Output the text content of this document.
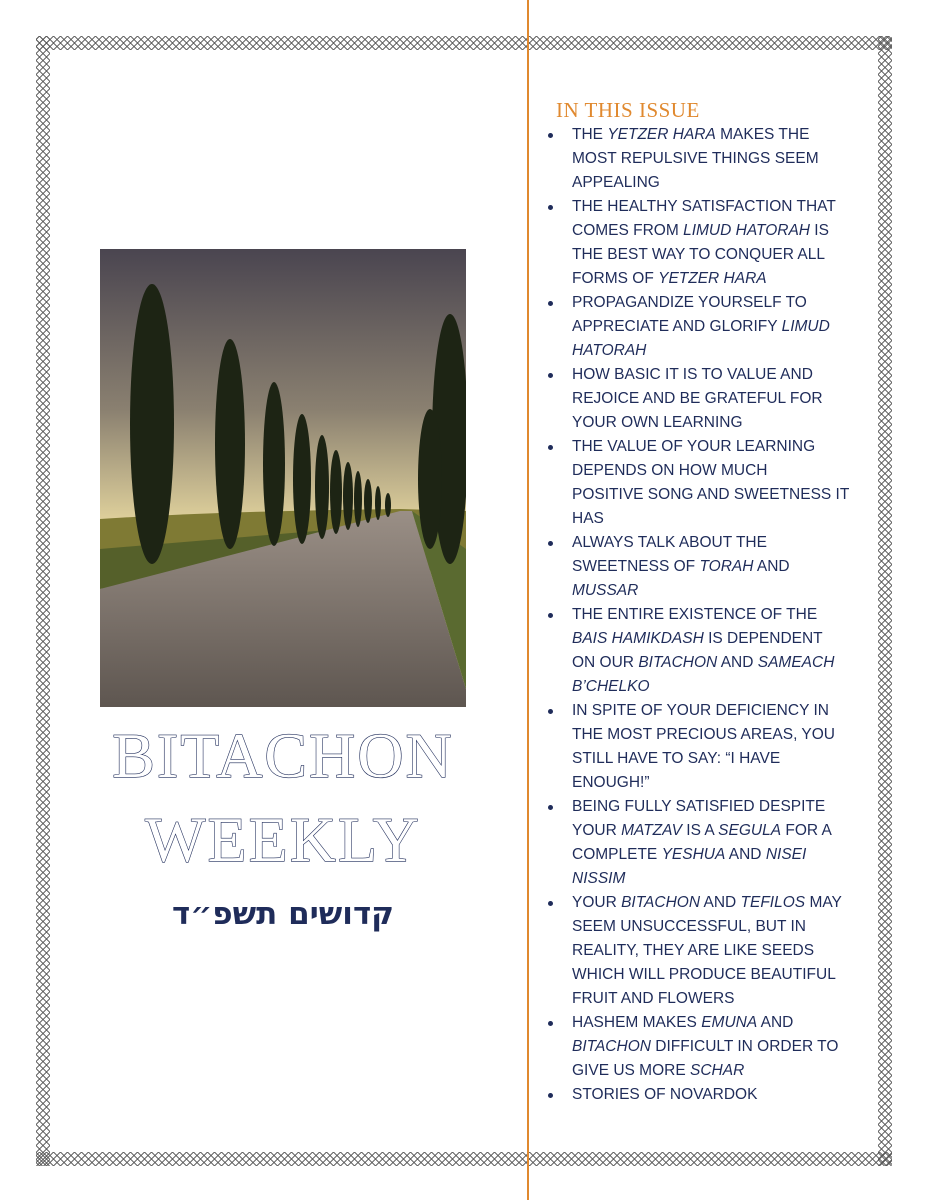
BITACHON
WEEKLY
קדושים תשפ״ד
IN THIS ISSUE
THE YETZER HARA MAKES THE
MOST REPULSIVE THINGS SEEM
APPEALING
THE HEALTHY SATISFACTION THAT
COMES FROM LIMUD HATORAH IS
THE BEST WAY TO CONQUER ALL
FORMS OF YETZER HARA
PROPAGANDIZE YOURSELF TO
APPRECIATE AND GLORIFY LIMUD
HATORAH
HOW BASIC IT IS TO VALUE AND
REJOICE AND BE GRATEFUL FOR
YOUR OWN LEARNING
THE VALUE OF YOUR LEARNING
DEPENDS ON HOW MUCH
POSITIVE SONG AND SWEETNESS IT
HAS
ALWAYS TALK ABOUT THE
SWEETNESS OF TORAH AND
MUSSAR
THE ENTIRE EXISTENCE OF THE
BAIS HAMIKDASH IS DEPENDENT
ON OUR BITACHON AND SAMEACH
B’CHELKO
IN SPITE OF YOUR DEFICIENCY IN
THE MOST PRECIOUS AREAS, YOU
STILL HAVE TO SAY: “I HAVE
ENOUGH!”
BEING FULLY SATISFIED DESPITE
YOUR MATZAV IS A SEGULA FOR A
COMPLETE YESHUA AND NISEI
NISSIM
YOUR BITACHON AND TEFILOS MAY
SEEM UNSUCCESSFUL, BUT IN
REALITY, THEY ARE LIKE SEEDS
WHICH WILL PRODUCE BEAUTIFUL
FRUIT AND FLOWERS
HASHEM MAKES EMUNA AND
BITACHON DIFFICULT IN ORDER TO
GIVE US MORE SCHAR
STORIES OF NOVARDOK
